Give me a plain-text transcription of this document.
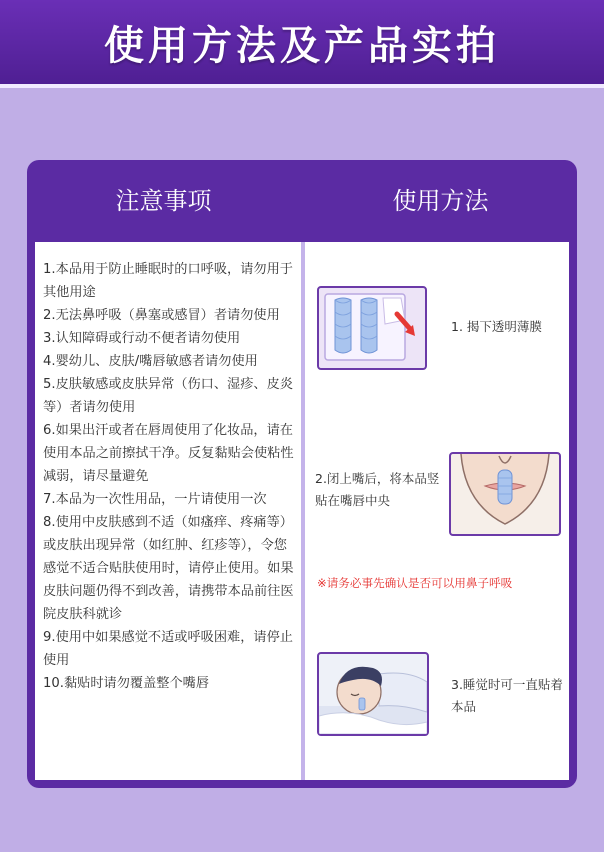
使用方法及产品实拍
注意事项	使用方法
1.本品用于防止睡眠时的口呼吸，请勿用于其他用途
2.无法鼻呼吸（鼻塞或感冒）者请勿使用
3.认知障碍或行动不便者请勿使用
4.婴幼儿、皮肤/嘴唇敏感者请勿使用
5.皮肤敏感或皮肤异常（伤口、湿疹、皮炎等）者请勿使用
6.如果出汗或者在唇周使用了化妆品，请在使用本品之前擦拭干净。反复黏贴会使粘性减弱，请尽量避免
7.本品为一次性用品，一片请使用一次
8.使用中皮肤感到不适（如瘙痒、疼痛等）或皮肤出现异常（如红肿、红疹等），令您感觉不适合贴肤使用时，请停止使用。如果皮肤问题仍得不到改善，请携带本品前往医院皮肤科就诊
9.使用中如果感觉不适或呼吸困难，请停止使用
10.黏贴时请勿覆盖整个嘴唇
1. 揭下透明薄膜
2.闭上嘴后，将本品竖贴在嘴唇中央
※请务必事先确认是否可以用鼻子呼吸
3.睡觉时可一直贴着本品
